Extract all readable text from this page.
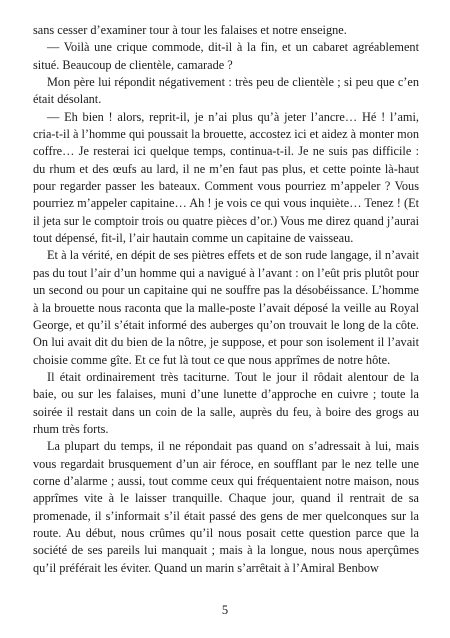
sans cesser d’examiner tour à tour les falaises et notre enseigne.

— Voilà une crique commode, dit-il à la fin, et un cabaret agréablement situé. Beaucoup de clientèle, camarade ?

Mon père lui répondit négativement : très peu de clientèle ; si peu que c’en était désolant.

— Eh bien ! alors, reprit-il, je n’ai plus qu’à jeter l’ancre… Hé ! l’ami, cria-t-il à l’homme qui poussait la brouette, accostez ici et aidez à monter mon coffre… Je resterai ici quelque temps, continua-t-il. Je ne suis pas difficile : du rhum et des œufs au lard, il ne m’en faut pas plus, et cette pointe là-haut pour regarder passer les bateaux. Comment vous pourriez m’appeler ? Vous pourriez m’appeler capitaine… Ah ! je vois ce qui vous inquiète… Tenez ! (Et il jeta sur le comptoir trois ou quatre pièces d’or.) Vous me direz quand j’aurai tout dépensé, fit-il, l’air hautain comme un capitaine de vaisseau.

Et à la vérité, en dépit de ses piètres effets et de son rude langage, il n’avait pas du tout l’air d’un homme qui a navigué à l’avant : on l’eût pris plutôt pour un second ou pour un capitaine qui ne souffre pas la désobéissance. L’homme à la brouette nous raconta que la malle-poste l’avait déposé la veille au Royal George, et qu’il s’était informé des auberges qu’on trouvait le long de la côte. On lui avait dit du bien de la nôtre, je suppose, et pour son isolement il l’avait choisie comme gîte. Et ce fut là tout ce que nous apprîmes de notre hôte.

Il était ordinairement très taciturne. Tout le jour il rôdait alentour de la baie, ou sur les falaises, muni d’une lunette d’approche en cuivre ; toute la soirée il restait dans un coin de la salle, auprès du feu, à boire des grogs au rhum très forts.

La plupart du temps, il ne répondait pas quand on s’adressait à lui, mais vous regardait brusquement d’un air féroce, en soufflant par le nez telle une corne d’alarme ; aussi, tout comme ceux qui fréquentaient notre maison, nous apprîmes vite à le laisser tranquille. Chaque jour, quand il rentrait de sa promenade, il s’informait s’il était passé des gens de mer quelconques sur la route. Au début, nous crûmes qu’il nous posait cette question parce que la société de ses pareils lui manquait ; mais à la longue, nous nous aperçûmes qu’il préférait les éviter. Quand un marin s’arrêtait à l’Amiral Benbow

5
